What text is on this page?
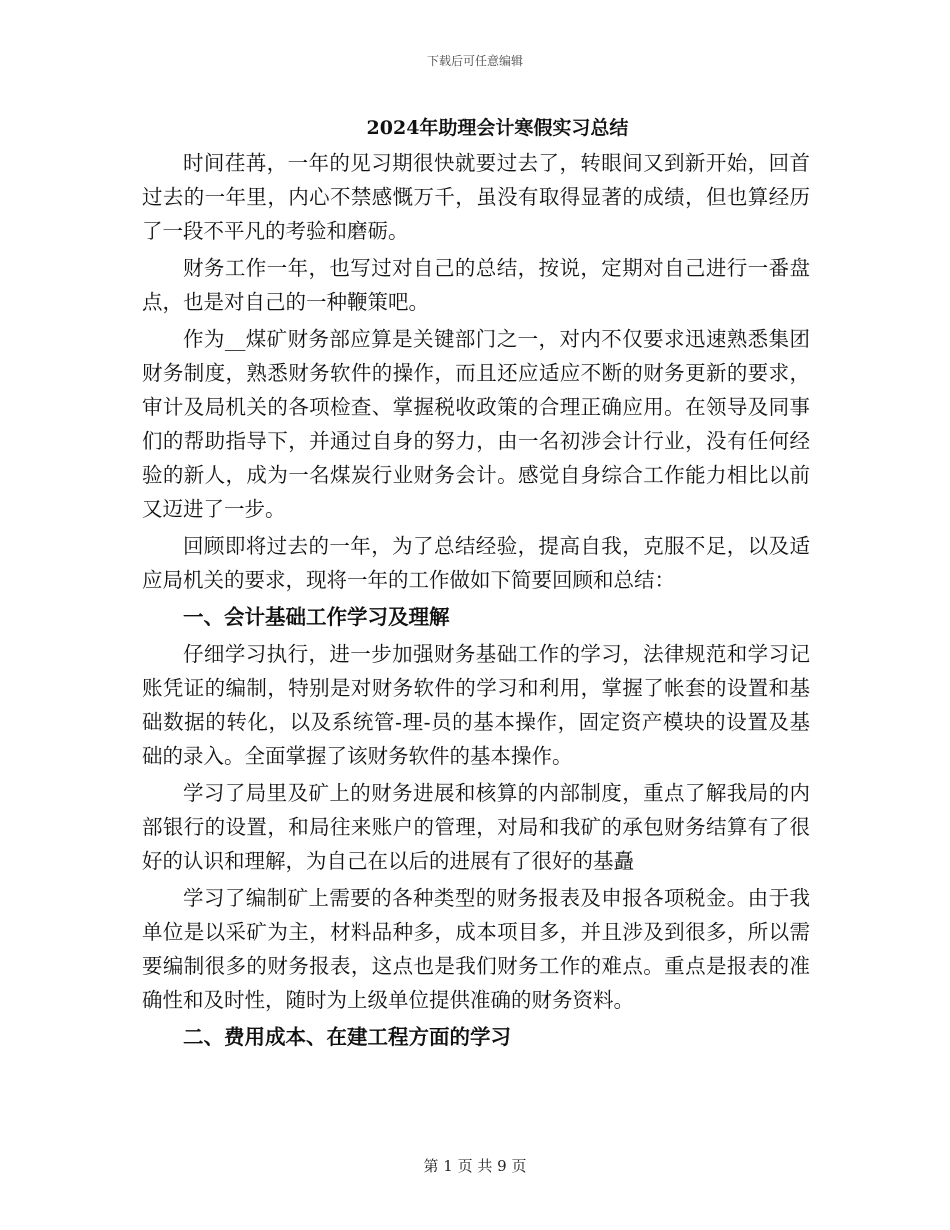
下载后可任意编辑
2024年助理会计寒假实习总结

时间荏苒，一年的见习期很快就要过去了，转眼间又到新开始，回首过去的一年里，内心不禁感慨万千，虽没有取得显著的成绩，但也算经历了一段不平凡的考验和磨砺。

财务工作一年，也写过对自己的总结，按说，定期对自己进行一番盘点，也是对自己的一种鞭策吧。

作为__煤矿财务部应算是关键部门之一，对内不仅要求迅速熟悉集团财务制度，熟悉财务软件的操作，而且还应适应不断的财务更新的要求，审计及局机关的各项检查、掌握税收政策的合理正确应用。在领导及同事们的帮助指导下，并通过自身的努力，由一名初涉会计行业，没有任何经验的新人，成为一名煤炭行业财务会计。感觉自身综合工作能力相比以前又迈进了一步。

回顾即将过去的一年，为了总结经验，提高自我，克服不足，以及适应局机关的要求，现将一年的工作做如下简要回顾和总结：

一、会计基础工作学习及理解

仔细学习执行，进一步加强财务基础工作的学习，法律规范和学习记账凭证的编制，特别是对财务软件的学习和利用，掌握了帐套的设置和基础数据的转化，以及系统管-理-员的基本操作，固定资产模块的设置及基础的录入。全面掌握了该财务软件的基本操作。

学习了局里及矿上的财务进展和核算的内部制度，重点了解我局的内部银行的设置，和局往来账户的管理，对局和我矿的承包财务结算有了很好的认识和理解，为自己在以后的进展有了很好的基矗

学习了编制矿上需要的各种类型的财务报表及申报各项税金。由于我单位是以采矿为主，材料品种多，成本项目多，并且涉及到很多，所以需要编制很多的财务报表，这点也是我们财务工作的难点。重点是报表的准确性和及时性，随时为上级单位提供准确的财务资料。

二、费用成本、在建工程方面的学习

第 1 页 共 9 页
